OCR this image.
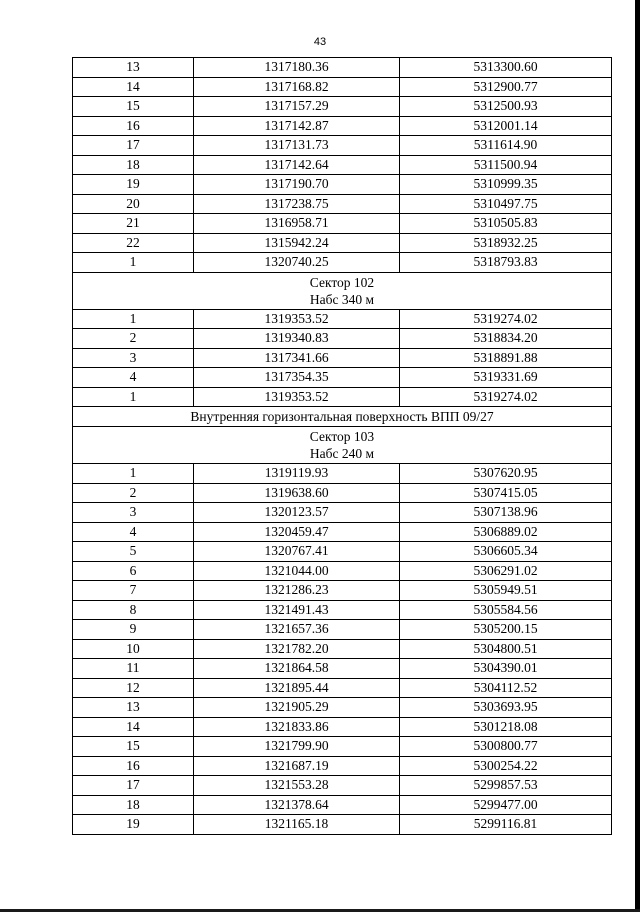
43
13	1317180.36	5313300.60
14	1317168.82	5312900.77
15	1317157.29	5312500.93
16	1317142.87	5312001.14
17	1317131.73	5311614.90
18	1317142.64	5311500.94
19	1317190.70	5310999.35
20	1317238.75	5310497.75
21	1316958.71	5310505.83
22	1315942.24	5318932.25
1	1320740.25	5318793.83

Сектор 102
Набс 340 м		

1	1319353.52	5319274.02
2	1319340.83	5318834.20
3	1317341.66	5318891.88
4	1317354.35	5319331.69
1	1319353.52	5319274.02

Внутренняя горизонтальная поверхность ВПП 09/27		

Сектор 103
Набс 240 м		

1	1319119.93	5307620.95
2	1319638.60	5307415.05
3	1320123.57	5307138.96
4	1320459.47	5306889.02
5	1320767.41	5306605.34
6	1321044.00	5306291.02
7	1321286.23	5305949.51
8	1321491.43	5305584.56
9	1321657.36	5305200.15
10	1321782.20	5304800.51
11	1321864.58	5304390.01
12	1321895.44	5304112.52
13	1321905.29	5303693.95
14	1321833.86	5301218.08
15	1321799.90	5300800.77
16	1321687.19	5300254.22
17	1321553.28	5299857.53
18	1321378.64	5299477.00
19	1321165.18	5299116.81
